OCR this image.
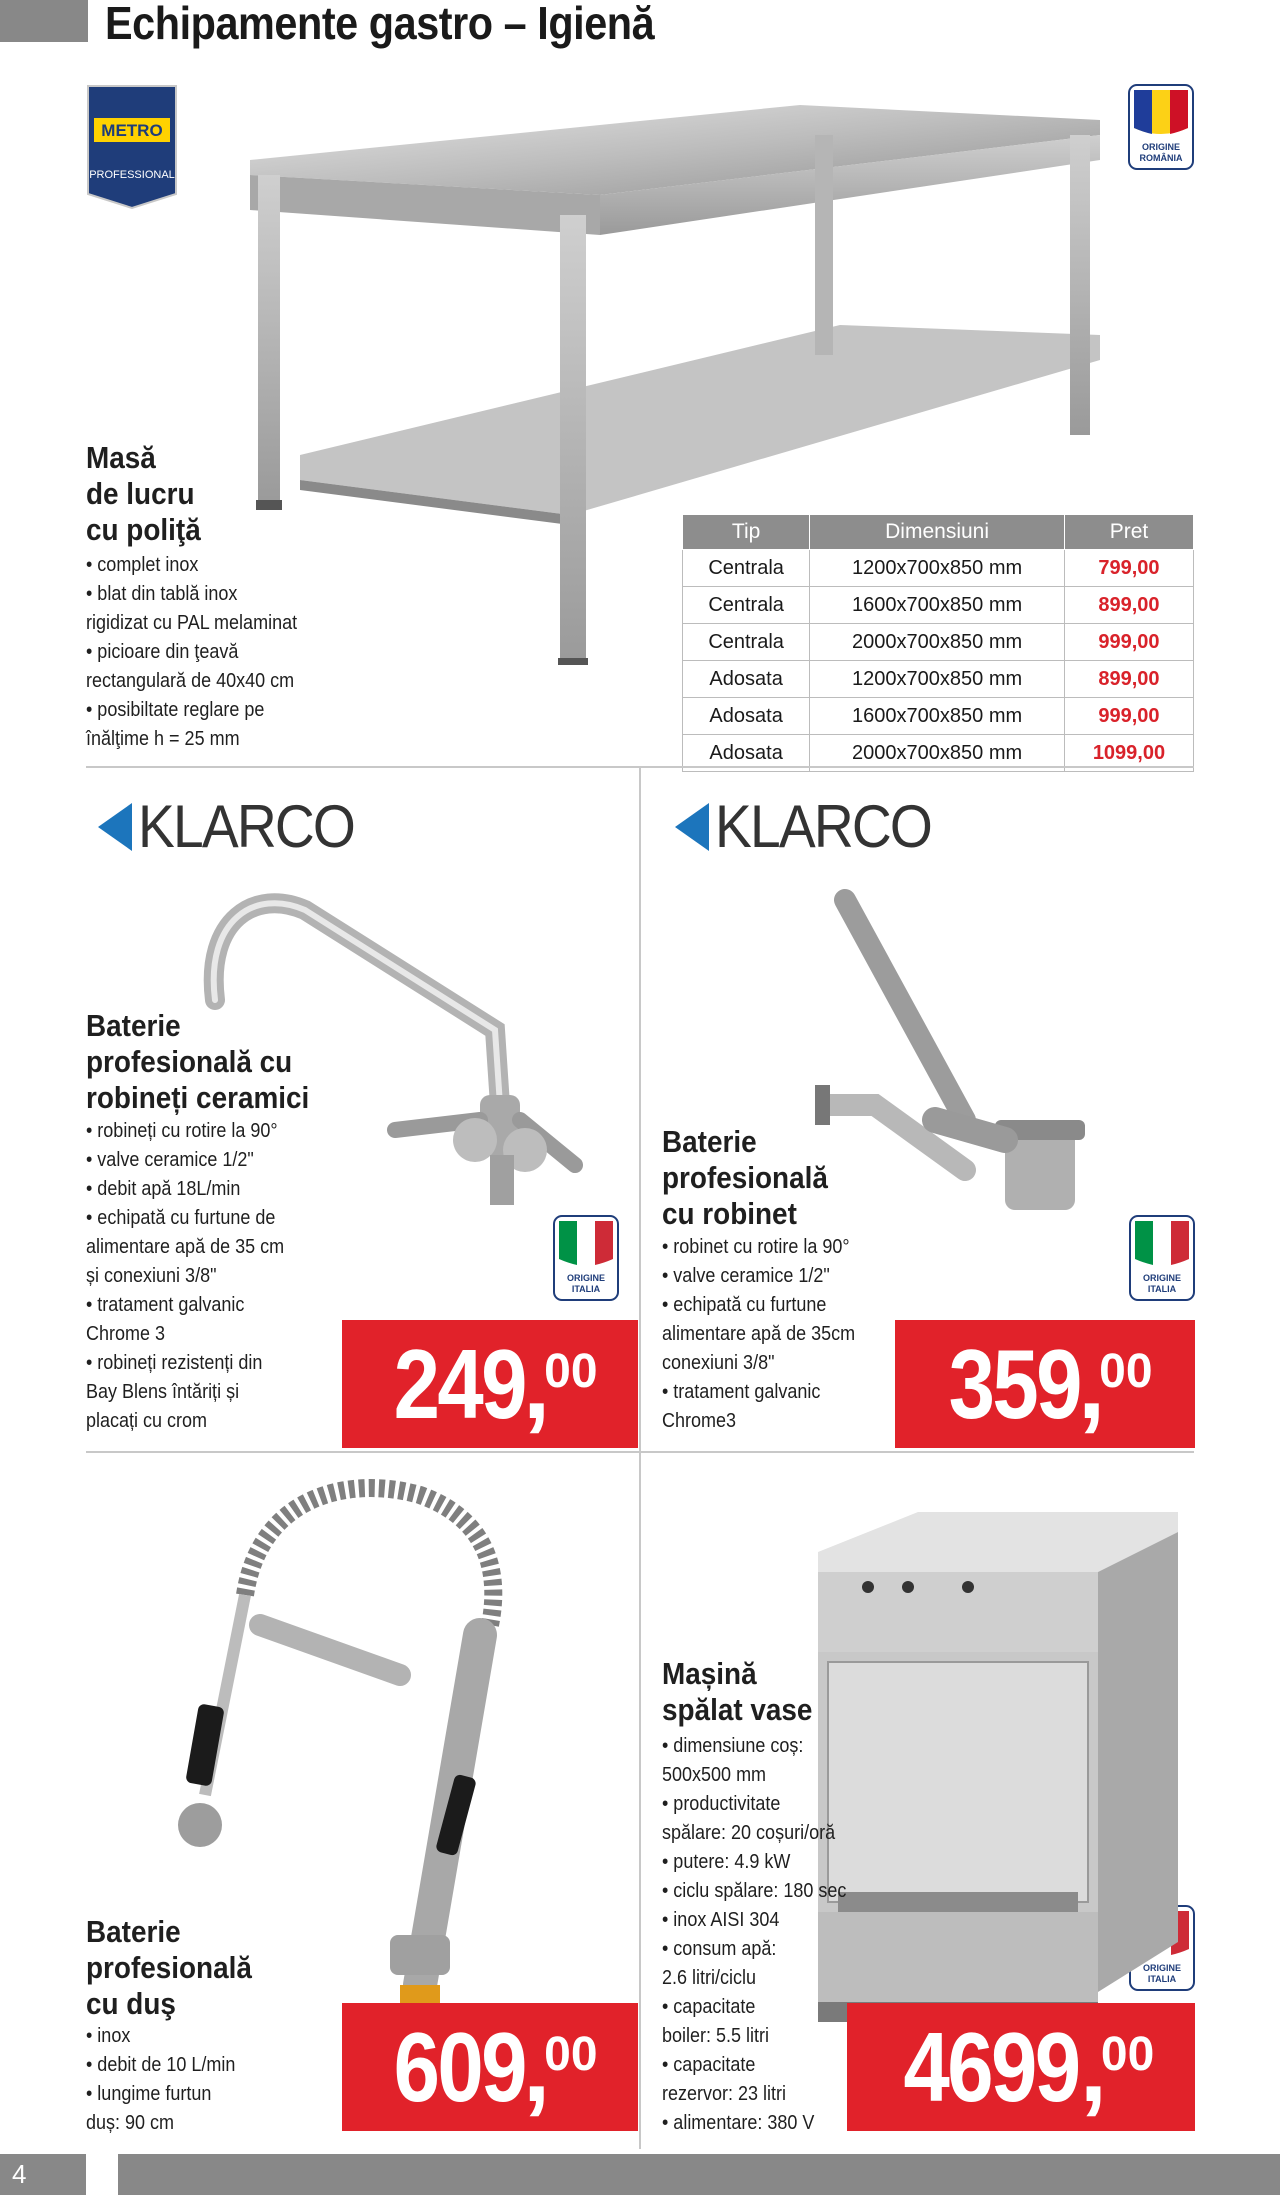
Echipamente gastro – Igienă
METRO
PROFESSIONAL
ORIGINE
ROMÂNIA
Masă
de lucru
cu poliţă
• complet inox
• blat din tablă inox
rigidizat cu PAL melaminat
• picioare din ţeavă
rectangulară de 40x40 cm
• posibiltate reglare pe
înălţime h = 25 mm
Tip	Dimensiuni	Pret
Centrala	1200x700x850 mm	799,00
Centrala	1600x700x850 mm	899,00
Centrala	2000x700x850 mm	999,00
Adosata	1200x700x850 mm	899,00
Adosata	1600x700x850 mm	999,00
Adosata	2000x700x850 mm	1099,00
KLARCO	KLARCO
ORIGINE
ITALIA
ORIGINE
ITALIA
ORIGINE
ITALIA
Baterie
profesională cu
robineți ceramici
• robineți cu rotire la 90°
• valve ceramice 1/2"
• debit apă 18L/min
• echipată cu furtune de
alimentare apă de 35 cm
și conexiuni 3/8"
• tratament galvanic
Chrome 3
• robineți rezistenți din
Bay Blens întăriți și
placați cu crom	249
,
00
Baterie
profesională
cu robinet
• robinet cu rotire la 90°
• valve ceramice 1/2"
• echipată cu furtune
alimentare apă de 35cm
conexiuni 3/8"
• tratament galvanic
Chrome3	359
,
00
Baterie
profesională
cu duş
• inox
• debit de 10 L/min
• lungime furtun
duș: 90 cm
609
,
00
Mașină
spălat vase
• dimensiune coș:
500x500 mm
• productivitate
spălare: 20 coșuri/oră
• putere: 4.9 kW
• ciclu spălare: 180 sec
• inox AISI 304
• consum apă:
2.6 litri/ciclu
• capacitate
boiler: 5.5 litri
• capacitate
rezervor: 23 litri
• alimentare: 380 V
4699 ,
00
4
